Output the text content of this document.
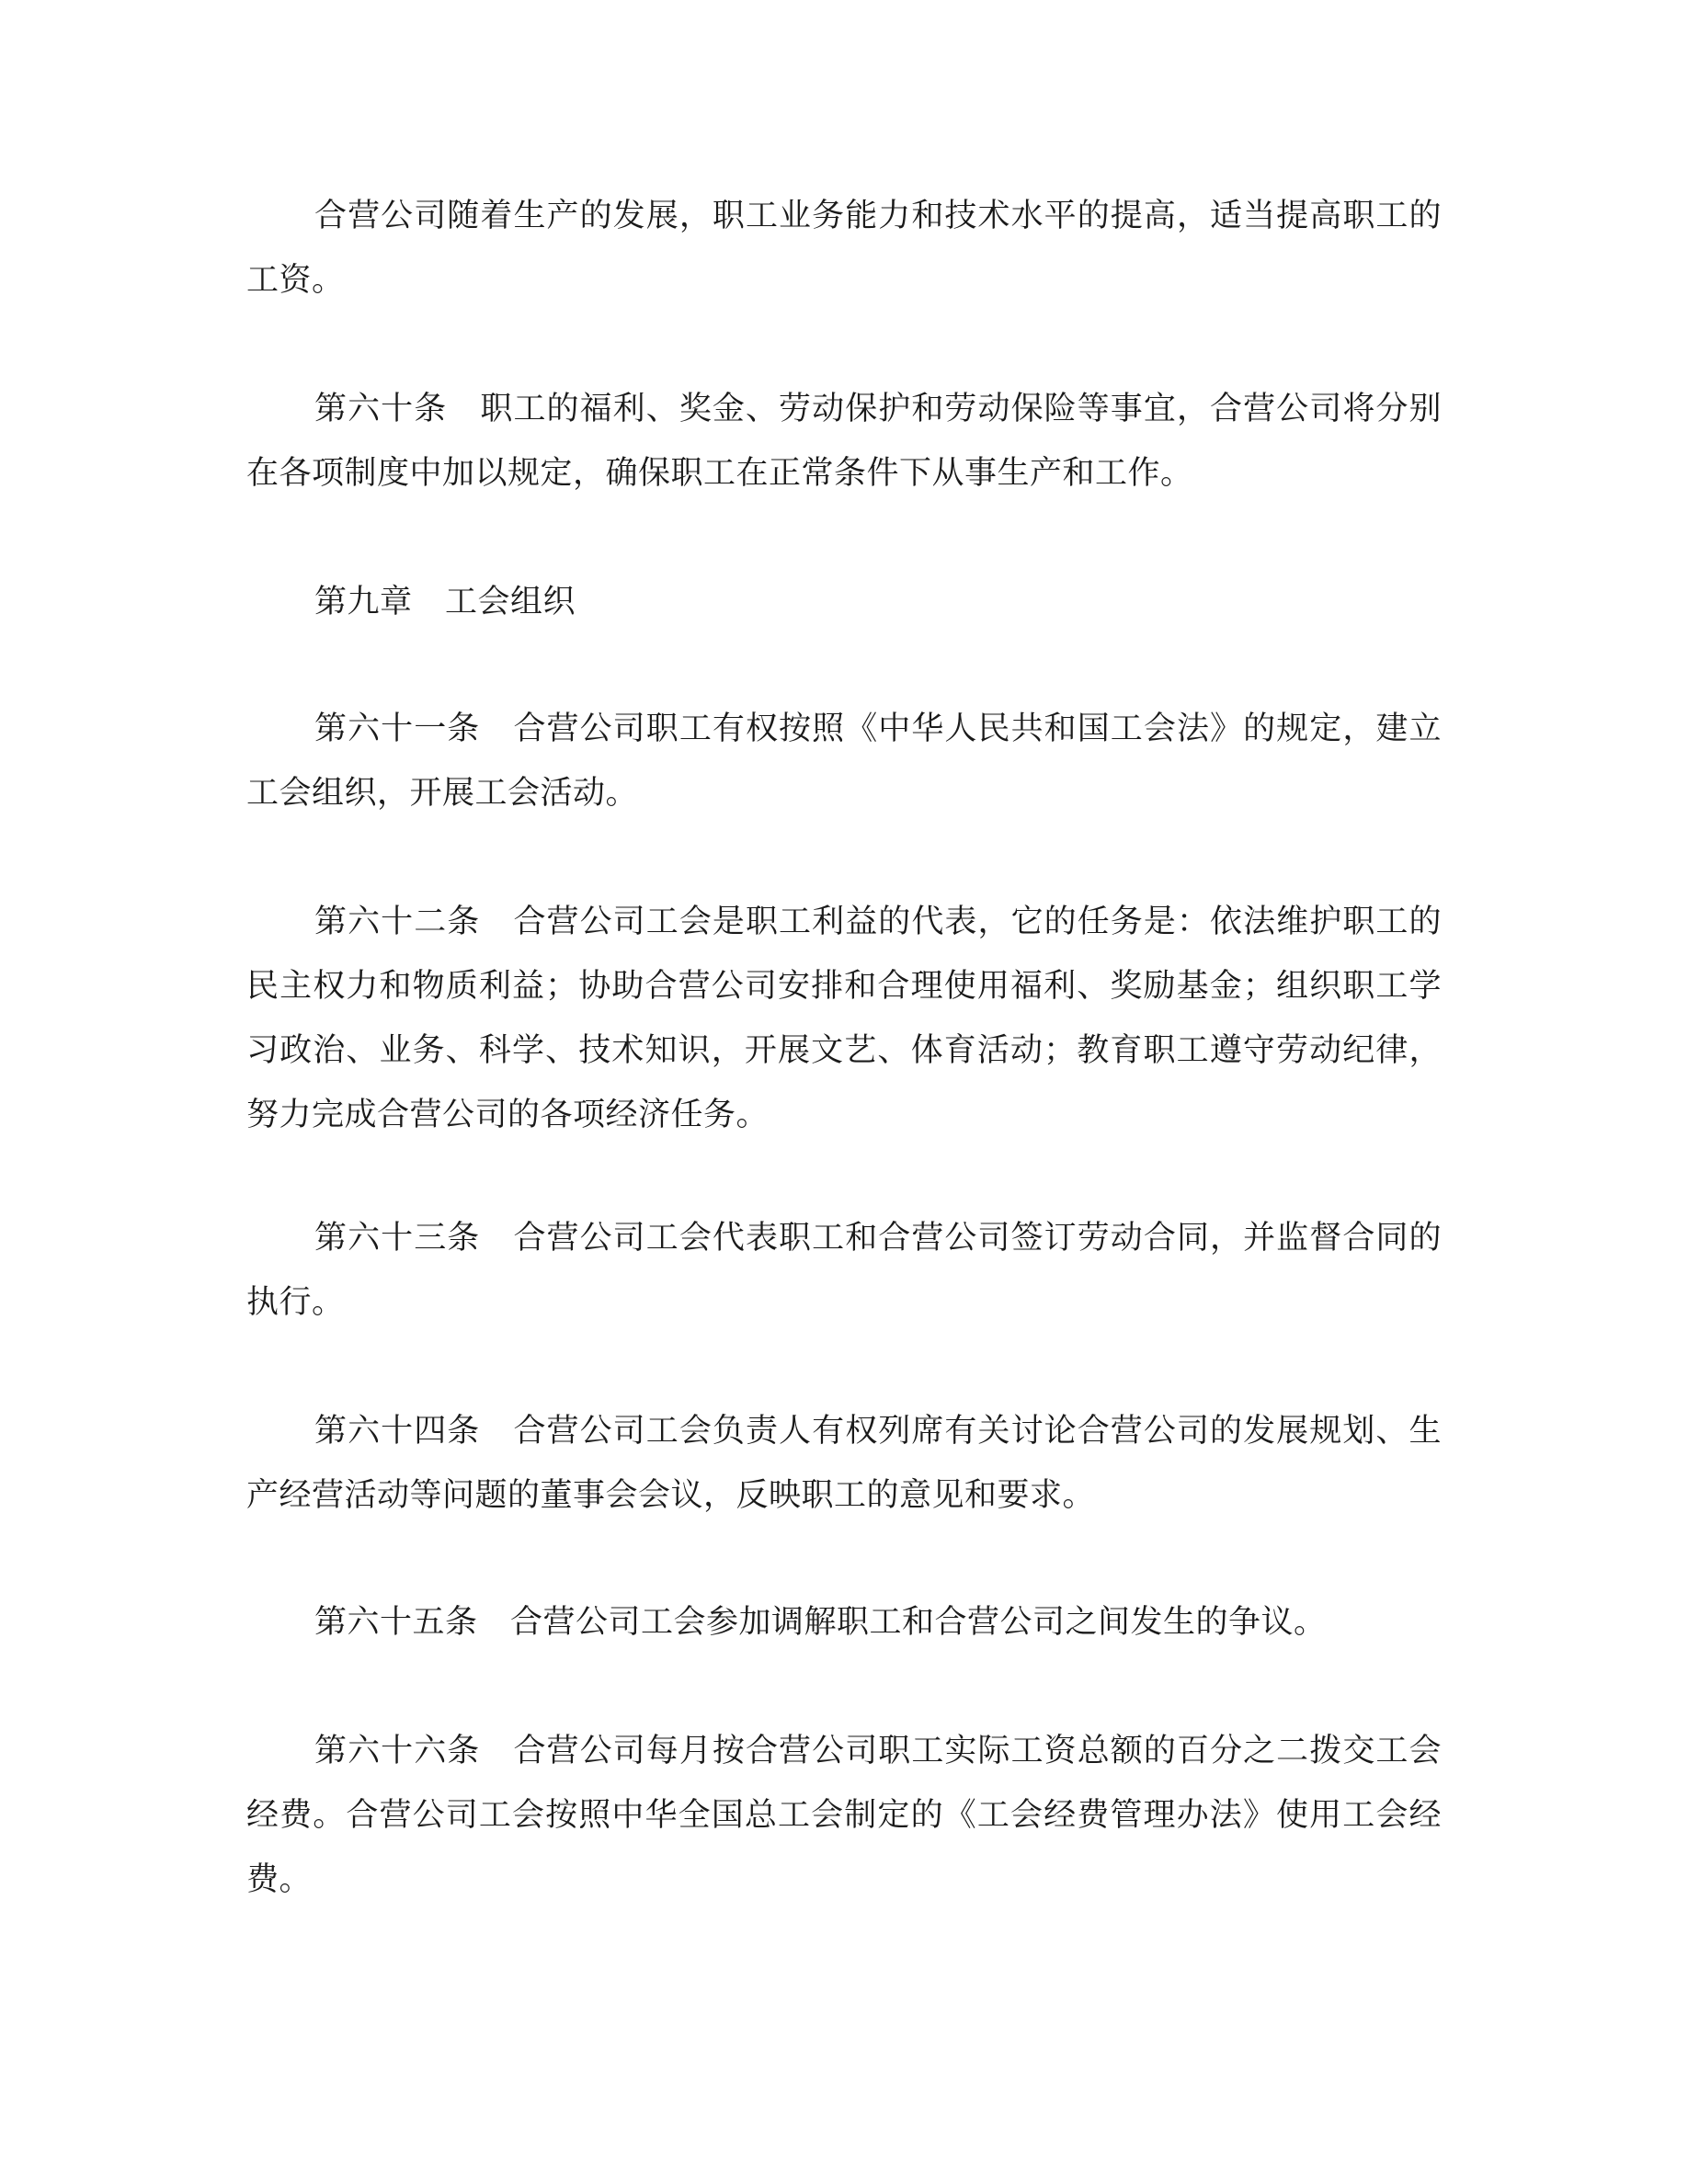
合营公司随着生产的发展，职工业务能力和技术水平的提高，适当提高职工的工资。

第六十条　职工的福利、奖金、劳动保护和劳动保险等事宜，合营公司将分别在各项制度中加以规定，确保职工在正常条件下从事生产和工作。

第九章　工会组织

第六十一条　合营公司职工有权按照《中华人民共和国工会法》的规定，建立工会组织，开展工会活动。

第六十二条　合营公司工会是职工利益的代表，它的任务是：依法维护职工的民主权力和物质利益；协助合营公司安排和合理使用福利、奖励基金；组织职工学习政治、业务、科学、技术知识，开展文艺、体育活动；教育职工遵守劳动纪律，努力完成合营公司的各项经济任务。

第六十三条　合营公司工会代表职工和合营公司签订劳动合同，并监督合同的执行。

第六十四条　合营公司工会负责人有权列席有关讨论合营公司的发展规划、生产经营活动等问题的董事会会议，反映职工的意见和要求。

第六十五条　合营公司工会参加调解职工和合营公司之间发生的争议。

第六十六条　合营公司每月按合营公司职工实际工资总额的百分之二拨交工会经费。合营公司工会按照中华全国总工会制定的《工会经费管理办法》使用工会经费。
